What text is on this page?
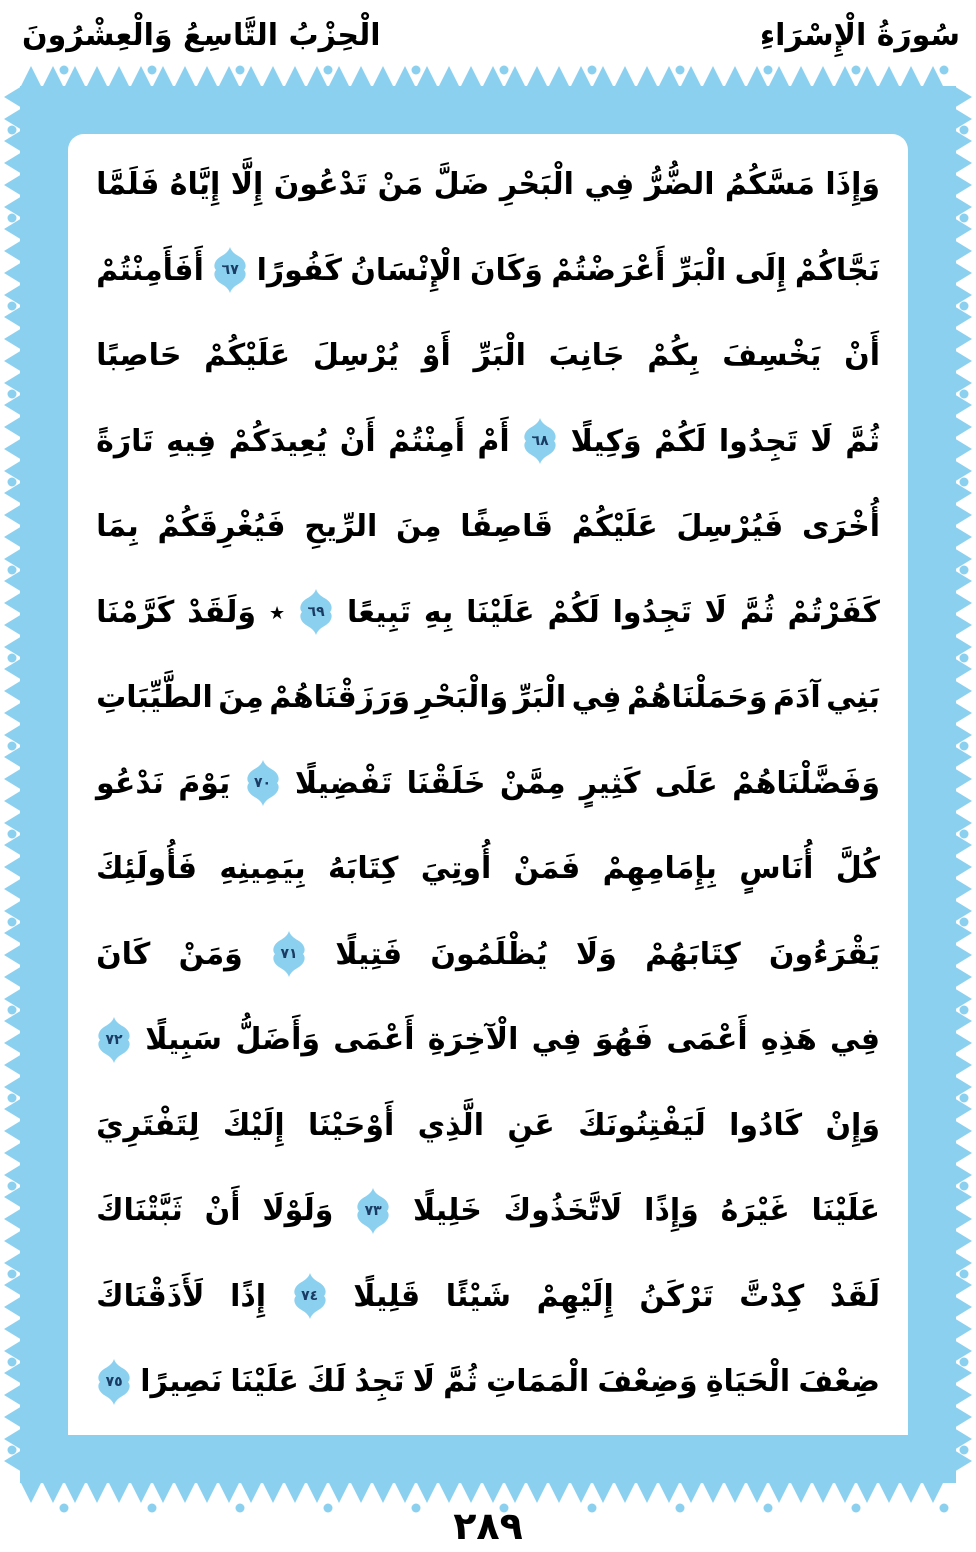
سُورَةُ الْإِسْرَاءِ
الْحِزْبُ التَّاسِعُ وَالْعِشْرُونَ
وَإِذَا
مَسَّكُمُ
الضُّرُّ
فِي
الْبَحْرِ
ضَلَّ
مَنْ
تَدْعُونَ
إِلَّا
إِيَّاهُ
فَلَمَّا
نَجَّاكُمْ
إِلَى
الْبَرِّ
أَعْرَضْتُمْ
وَكَانَ
الْإِنْسَانُ
كَفُورًا
٦٧
أَفَأَمِنْتُمْ
أَنْ
يَخْسِفَ
بِكُمْ
جَانِبَ
الْبَرِّ
أَوْ
يُرْسِلَ
عَلَيْكُمْ
حَاصِبًا
ثُمَّ
لَا
تَجِدُوا
لَكُمْ
وَكِيلًا
٦٨
أَمْ
أَمِنْتُمْ
أَنْ
يُعِيدَكُمْ
فِيهِ
تَارَةً
أُخْرَى
فَيُرْسِلَ
عَلَيْكُمْ
قَاصِفًا
مِنَ
الرِّيحِ
فَيُغْرِقَكُمْ
بِمَا
كَفَرْتُمْ
ثُمَّ
لَا
تَجِدُوا
لَكُمْ
عَلَيْنَا
بِهِ
تَبِيعًا
٦٩
٭
وَلَقَدْ
كَرَّمْنَا
بَنِي
آدَمَ
وَحَمَلْنَاهُمْ
فِي
الْبَرِّ
وَالْبَحْرِ
وَرَزَقْنَاهُمْ
مِنَ
الطَّيِّبَاتِ
وَفَضَّلْنَاهُمْ
عَلَى
كَثِيرٍ
مِمَّنْ
خَلَقْنَا
تَفْضِيلًا
٧٠
يَوْمَ
نَدْعُو
كُلَّ
أُنَاسٍ
بِإِمَامِهِمْ
فَمَنْ
أُوتِيَ
كِتَابَهُ
بِيَمِينِهِ
فَأُولَئِكَ
يَقْرَءُونَ
كِتَابَهُمْ
وَلَا
يُظْلَمُونَ
فَتِيلًا
٧١
وَمَنْ
كَانَ
فِي
هَذِهِ
أَعْمَى
فَهُوَ
فِي
الْآخِرَةِ
أَعْمَى
وَأَضَلُّ
سَبِيلًا
٧٢
وَإِنْ
كَادُوا
لَيَفْتِنُونَكَ
عَنِ
الَّذِي
أَوْحَيْنَا
إِلَيْكَ
لِتَفْتَرِيَ
عَلَيْنَا
غَيْرَهُ
وَإِذًا
لَاتَّخَذُوكَ
خَلِيلًا
٧٣
وَلَوْلَا
أَنْ
ثَبَّتْنَاكَ
لَقَدْ
كِدْتَّ
تَرْكَنُ
إِلَيْهِمْ
شَيْئًا
قَلِيلًا
٧٤
إِذًا
لَأَذَقْنَاكَ
ضِعْفَ
الْحَيَاةِ
وَضِعْفَ
الْمَمَاتِ
ثُمَّ
لَا
تَجِدُ
لَكَ
عَلَيْنَا
نَصِيرًا
٧٥
٢٨٩
